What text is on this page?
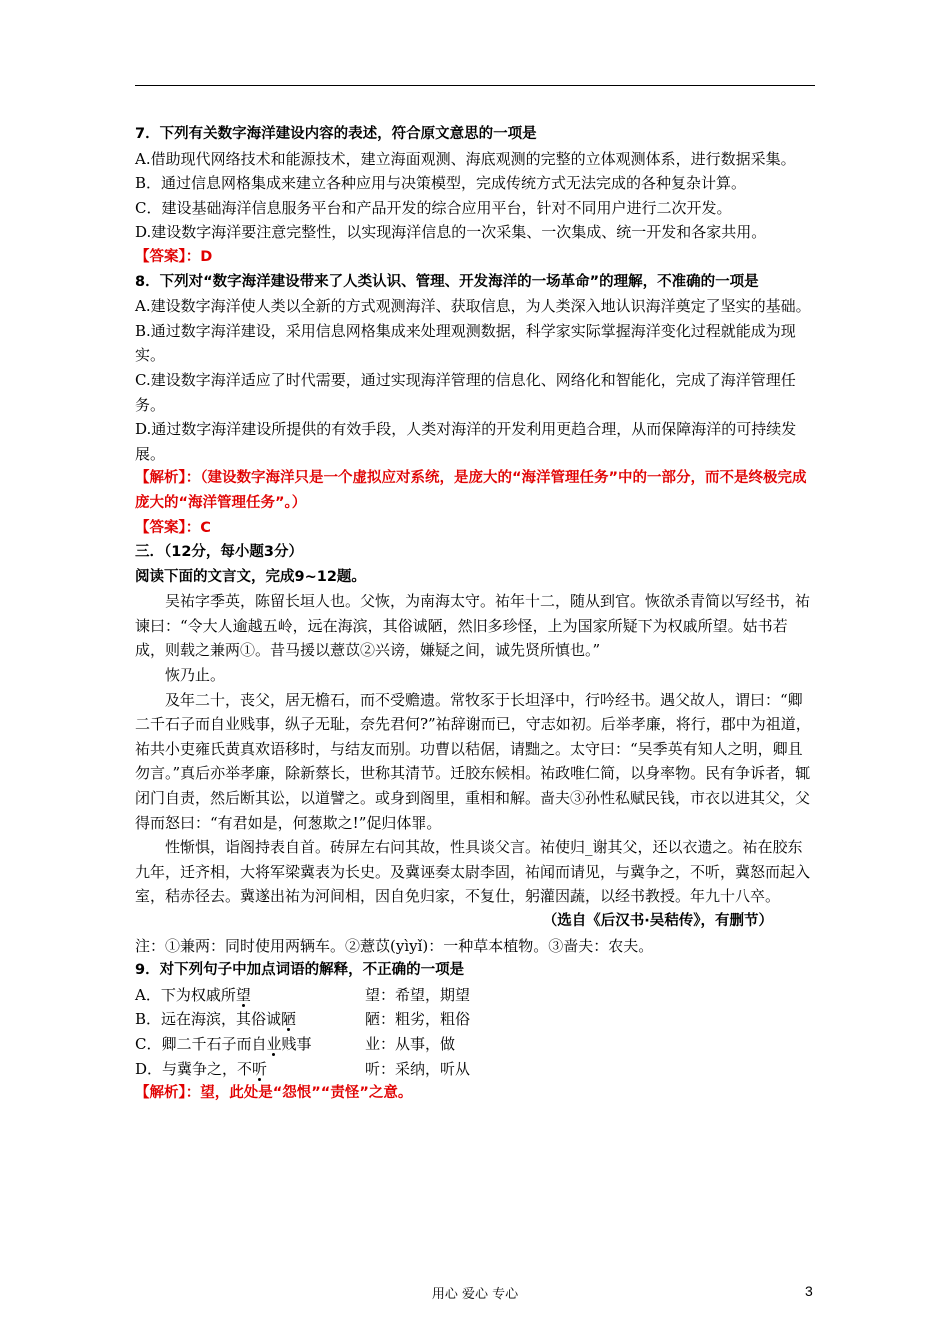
7．下列有关数字海洋建设内容的表述，符合原文意思的一项是

A.借助现代网络技术和能源技术，建立海面观测、海底观测的完整的立体观测体系，进行数据采集。

B．通过信息网格集成来建立各种应用与决策模型，完成传统方式无法完成的各种复杂计算。

C．建设基础海洋信息服务平台和产品开发的综合应用平台，针对不同用户进行二次开发。

D.建设数字海洋要注意完整性，以实现海洋信息的一次采集、一次集成、统一开发和各家共用。

【答案】：D

8．下列对“数字海洋建设带来了人类认识、管理、开发海洋的一场革命”的理解，不准确的一项是

A.建设数字海洋使人类以全新的方式观测海洋、获取信息，为人类深入地认识海洋奠定了坚实的基础。

B.通过数字海洋建设，采用信息网格集成来处理观测数据，科学家实际掌握海洋变化过程就能成为现实。

C.建设数字海洋适应了时代需要，通过实现海洋管理的信息化、网络化和智能化，完成了海洋管理任务。

D.通过数字海洋建设所提供的有效手段，人类对海洋的开发利用更趋合理，从而保障海洋的可持续发展。

【解析】：（建设数字海洋只是一个虚拟应对系统，是庞大的“海洋管理任务”中的一部分，而不是终极完成庞大的“海洋管理任务”。）

【答案】：C

三．（12分，每小题3分）

阅读下面的文言文，完成9~12题。

吴祐字季英，陈留长垣人也。父恢，为南海太守。祐年十二，随从到官。恢欲杀青简以写经书，祐谏曰：“令大人逾越五岭，远在海滨，其俗诚陋，然旧多珍怪，上为国家所疑下为权戚所望。姑书若成，则载之兼两①。昔马援以薏苡②兴谤，嫌疑之间，诚先贤所慎也。”

恢乃止。

及年二十，丧父，居无檐石，而不受赡遗。常牧豕于长坦泽中，行吟经书。遇父故人，谓曰：“卿二千石子而自业贱事，纵子无耻，奈先君何?”祐辞谢而已，守志如初。后举孝廉，将行，郡中为祖道，祐共小吏雍氏黄真欢语移时，与结友而别。功曹以秸倨，请黜之。太守曰：“吴季英有知人之明，卿且勿言。”真后亦举孝廉，除新蔡长，世称其清节。迁胶东候相。祐政唯仁简，以身率物。民有争诉者，辄闭门自责，然后断其讼，以道譬之。或身到阁里，重相和解。啬夫③孙性私赋民钱，市衣以进其父，父得而怒曰：“有君如是，何葱欺之!”促归体罪。

性惭惧，诣阁持表自首。砖屏左右问其故，性具谈父言。祐使归_谢其父，还以衣遗之。祐在胶东九年，迁齐相，大将军梁冀表为长史。及冀诬奏太尉李固，祐闻而请见，与冀争之，不听，冀怒而起入室，秸赤径去。冀遂出祐为河间相，因自免归家，不复仕，躬灌因蔬，以经书教授。年九十八卒。

（选自《后汉书·吴秸传》，有删节）

注：①兼两：同时使用两辆车。②薏苡(yìyǐ)：一种草本植物。③啬夫：农夫。

9．对下列句子中加点词语的解释，不正确的一项是

A．下为权戚所望	望：希望，期望
B．远在海滨，其俗诚陋	陋：粗劣，粗俗
C．卿二千石子而自业贱事	业：从事，做
D．与冀争之，不听	听：采纳，听从

【解析】：望，此处是“怨恨”“责怪”之意。

用心 爱心 专心	3
